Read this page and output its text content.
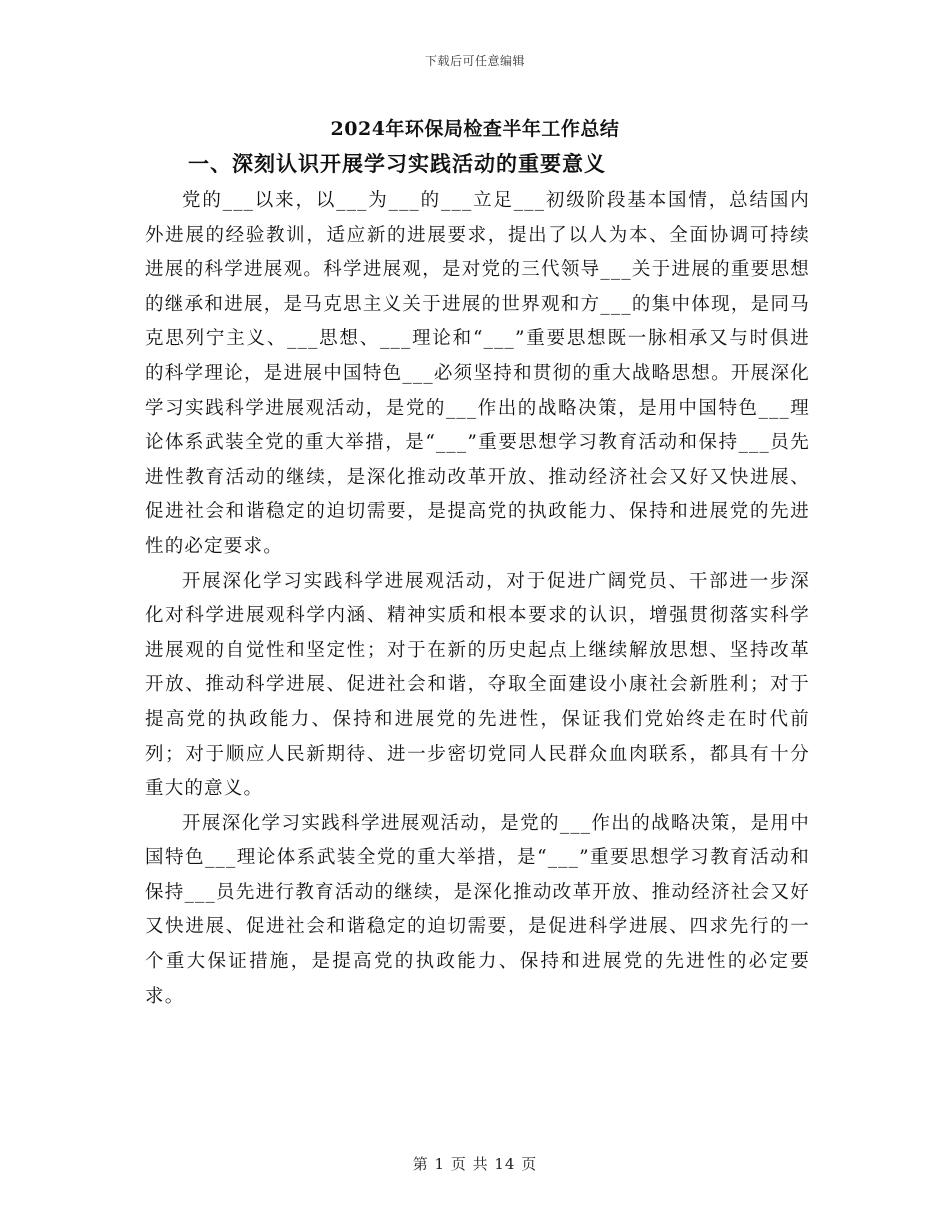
下载后可任意编辑
2024年环保局检查半年工作总结
一、深刻认识开展学习实践活动的重要意义

党的___以来，以___为___的___立足___初级阶段基本国情，总结国内外进展的经验教训，适应新的进展要求，提出了以人为本、全面协调可持续进展的科学进展观。科学进展观，是对党的三代领导___关于进展的重要思想的继承和进展，是马克思主义关于进展的世界观和方___的集中体现，是同马克思列宁主义、___思想、___理论和“___”重要思想既一脉相承又与时俱进的科学理论，是进展中国特色___必须坚持和贯彻的重大战略思想。开展深化学习实践科学进展观活动，是党的___作出的战略决策，是用中国特色___理论体系武装全党的重大举措，是“___”重要思想学习教育活动和保持___员先进性教育活动的继续，是深化推动改革开放、推动经济社会又好又快进展、促进社会和谐稳定的迫切需要，是提高党的执政能力、保持和进展党的先进性的必定要求。

开展深化学习实践科学进展观活动，对于促进广阔党员、干部进一步深化对科学进展观科学内涵、精神实质和根本要求的认识，增强贯彻落实科学进展观的自觉性和坚定性；对于在新的历史起点上继续解放思想、坚持改革开放、推动科学进展、促进社会和谐，夺取全面建设小康社会新胜利；对于提高党的执政能力、保持和进展党的先进性，保证我们党始终走在时代前列；对于顺应人民新期待、进一步密切党同人民群众血肉联系，都具有十分重大的意义。

开展深化学习实践科学进展观活动，是党的___作出的战略决策，是用中国特色___理论体系武装全党的重大举措，是“___”重要思想学习教育活动和保持___员先进行教育活动的继续，是深化推动改革开放、推动经济社会又好又快进展、促进社会和谐稳定的迫切需要，是促进科学进展、四求先行的一个重大保证措施，是提高党的执政能力、保持和进展党的先进性的必定要求。

第 1 页 共 14 页
